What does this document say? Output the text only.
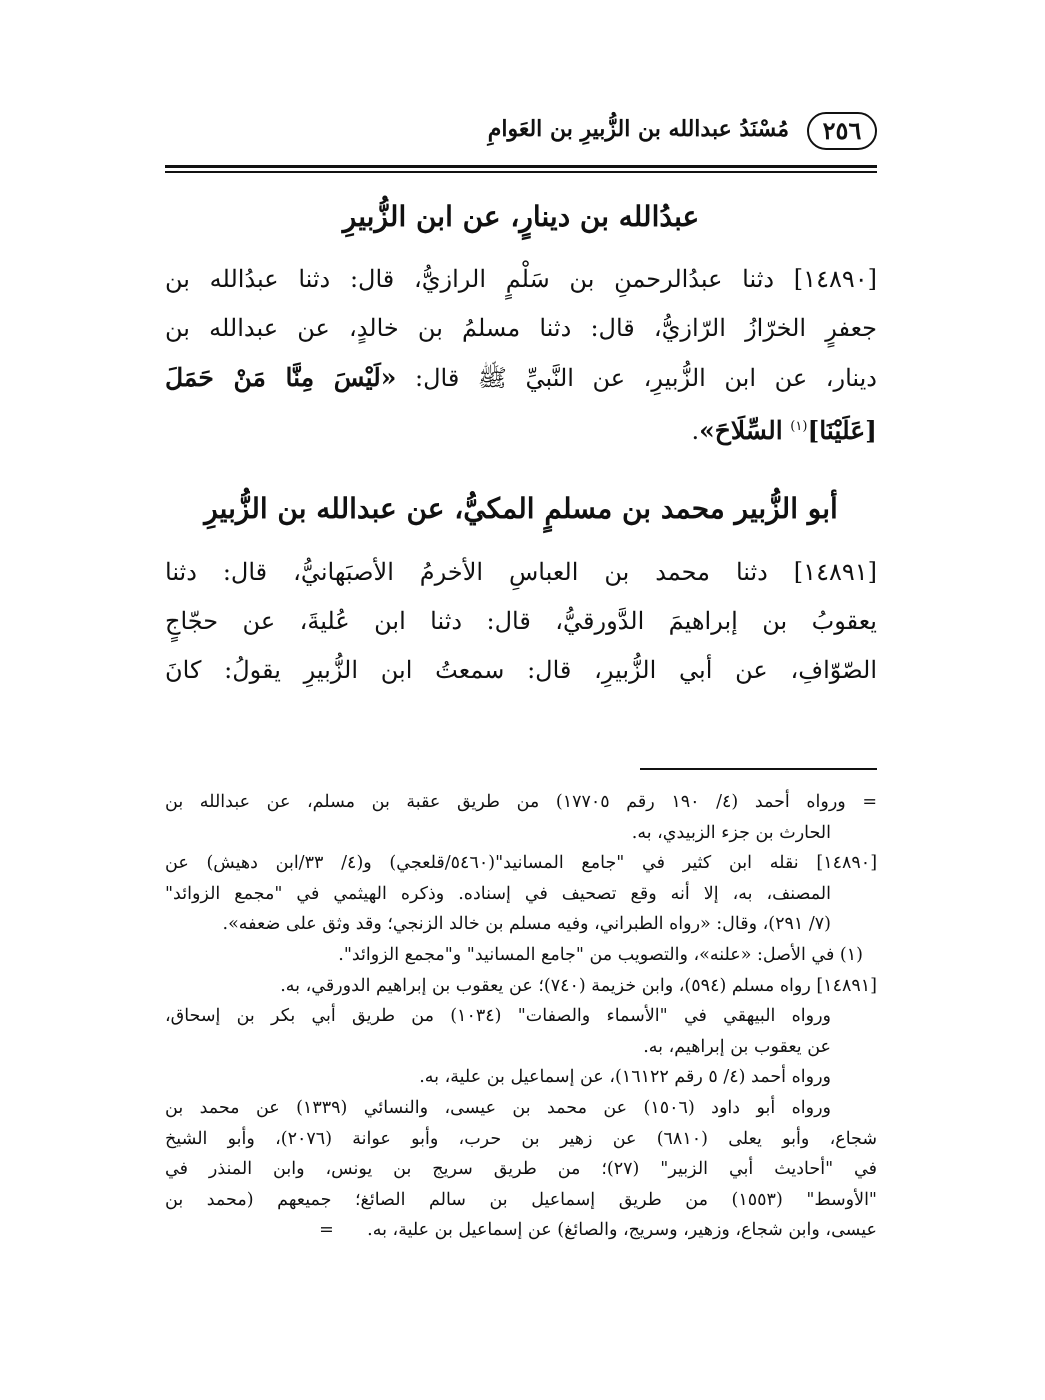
٢٥٦
مُسْنَدُ عبدالله بن الزُّبيرِ بن العَوامِ
عبدُالله بن دينارٍ، عن ابن الزُّبيرِ
[١٤٨٩٠] دثنا عبدُالرحمنِ بن سَلْمٍ الرازيُّ، قال: دثنا عبدُالله بن
جعفرٍ الخرّازُ الرّازيُّ، قال: دثنا مسلمُ بن خالدٍ، عن عبدالله بن
دينار، عن ابن الزُّبيرِ، عن النَّبيِّ ﷺ قال: «لَيْسَ مِنَّا مَنْ حَمَلَ
[عَلَيْنَا]$^{(١)}$ السِّلَاحَ».
أبو الزُّبير محمد بن مسلمٍ المكيُّ، عن عبدالله بن الزُّبيرِ
[١٤٨٩١] دثنا محمد بن العباسِ الأخرمُ الأصبَهانيُّ، قال: دثنا
يعقوبُ بن إبراهيمَ الدَّورقيُّ، قال: دثنا ابن عُليةَ، عن حجّاجٍ
الصّوّافِ، عن أبي الزُّبيرِ، قال: سمعتُ ابن الزُّبيرِ يقولُ: كانَ
= ورواه أحمد (٤/ ١٩٠ رقم ١٧٧٠٥) من طريق عقبة بن مسلم، عن عبدالله بن
الحارث بن جزء الزبيدي، به.
[١٤٨٩٠] نقله ابن كثير في "جامع المسانيد"(٥٤٦٠/قلعجي) و(٤/ ٣٣/ابن دهيش) عن
المصنف، به، إلا أنه وقع تصحيف في إسناده. وذكره الهيثمي في "مجمع الزوائد"
(٧/ ٢٩١)، وقال: «رواه الطبراني، وفيه مسلم بن خالد الزنجي؛ وقد وثق على ضعفه».
(١) في الأصل: «علنه»، والتصويب من "جامع المسانيد" و"مجمع الزوائد".
[١٤٨٩١] رواه مسلم (٥٩٤)، وابن خزيمة (٧٤٠)؛ عن يعقوب بن إبراهيم الدورقي، به.
ورواه البيهقي في "الأسماء والصفات" (١٠٣٤) من طريق أبي بكر بن إسحاق،
عن يعقوب بن إبراهيم، به.
ورواه أحمد (٤/ ٥ رقم ١٦١٢٢)، عن إسماعيل بن علية، به.
ورواه أبو داود (١٥٠٦) عن محمد بن عيسى، والنسائي (١٣٣٩) عن محمد بن
شجاع، وأبو يعلى (٦٨١٠) عن زهير بن حرب، وأبو عوانة (٢٠٧٦)، وأبو الشيخ
في "أحاديث أبي الزبير" (٢٧)؛ من طريق سريج بن يونس، وابن المنذر في
"الأوسط" (١٥٥٣) من طريق إسماعيل بن سالم الصائغ؛ جميعهم (محمد بن
عيسى، وابن شجاع، وزهير، وسريج، والصائغ) عن إسماعيل بن علية، به.      =
